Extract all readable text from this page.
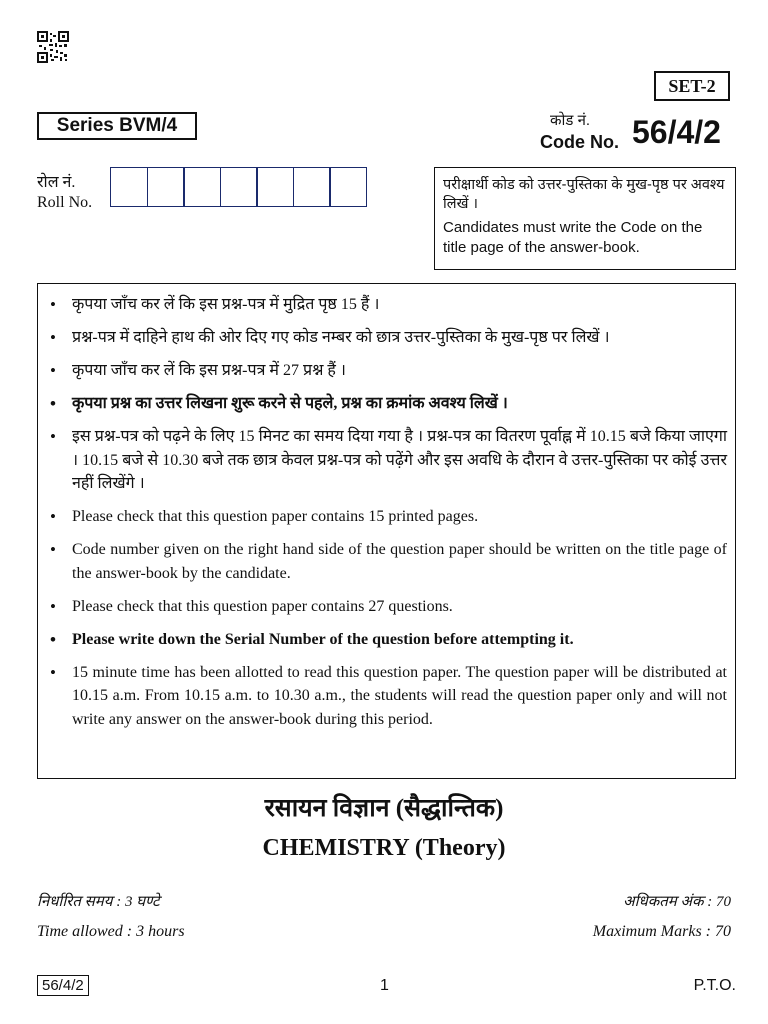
SET-2
Series BVM/4	कोड नं.
Code No. 56/4/2
रोल नं.
Roll No.

परीक्षार्थी कोड को उत्तर-पुस्तिका के मुख-पृष्ठ पर अवश्य लिखें ।

Candidates must write the Code on the title page of the answer-book.

• कृपया जाँच कर लें कि इस प्रश्न-पत्र में मुद्रित पृष्ठ 15 हैं ।
• प्रश्न-पत्र में दाहिने हाथ की ओर दिए गए कोड नम्बर को छात्र उत्तर-पुस्तिका के मुख-पृष्ठ पर लिखें ।
• कृपया जाँच कर लें कि इस प्रश्न-पत्र में 27 प्रश्न हैं ।
• कृपया प्रश्न का उत्तर लिखना शुरू करने से पहले, प्रश्न का क्रमांक अवश्य लिखें ।
• इस प्रश्न-पत्र को पढ़ने के लिए 15 मिनट का समय दिया गया है । प्रश्न-पत्र का वितरण पूर्वाह्न में 10.15 बजे किया जाएगा । 10.15 बजे से 10.30 बजे तक छात्र केवल प्रश्न-पत्र को पढ़ेंगे और इस अवधि के दौरान वे उत्तर-पुस्तिका पर कोई उत्तर नहीं लिखेंगे ।
• Please check that this question paper contains 15 printed pages.
• Code number given on the right hand side of the question paper should be written on the title page of the answer-book by the candidate.
• Please check that this question paper contains 27 questions.
• Please write down the Serial Number of the question before attempting it.
• 15 minute time has been allotted to read this question paper. The question paper will be distributed at 10.15 a.m. From 10.15 a.m. to 10.30 a.m., the students will read the question paper only and will not write any answer on the answer-book during this period.
रसायन विज्ञान (सैद्धान्तिक)
CHEMISTRY (Theory)
निर्धारित समय : 3 घण्टे	अधिकतम अंक : 70
Time allowed : 3 hours	Maximum Marks : 70
56/4/2	1	P.T.O.
